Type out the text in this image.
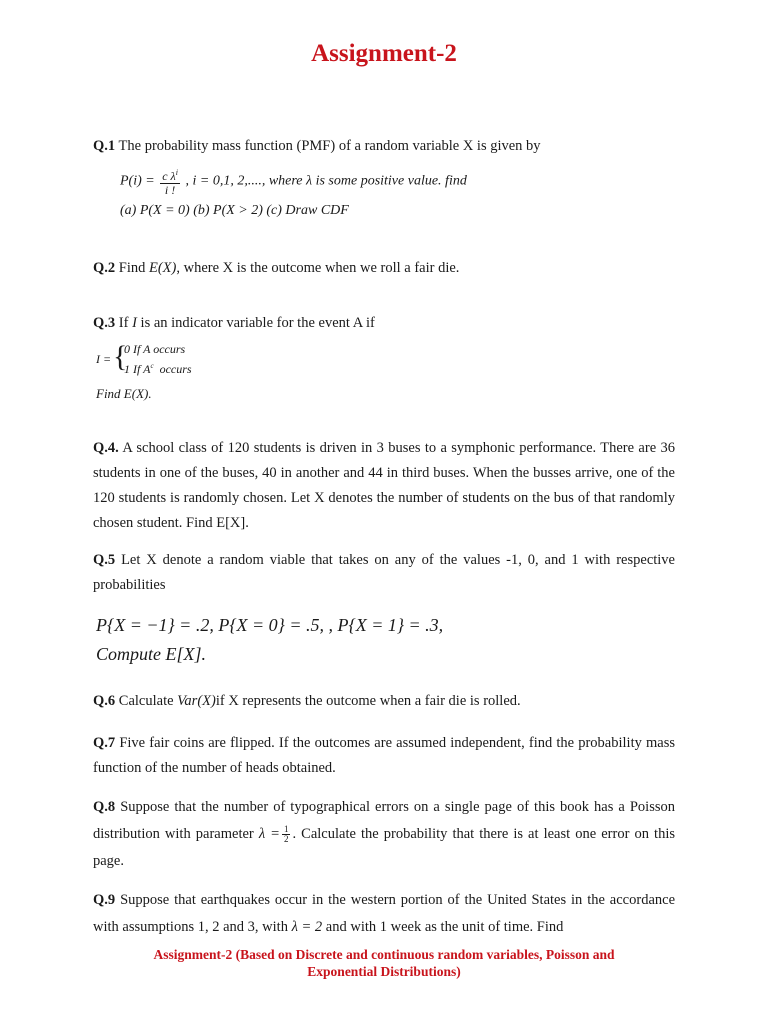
Assignment-2
Q.1 The probability mass function (PMF) of a random variable X is given by
$P(i) = \frac{c \lambda^i}{i !}$ , i = 0,1, 2,...., where λ is some positive value. find
(a) P(X = 0) (b) P(X > 2) (c) Draw CDF
Q.2 Find E(X), where X is the outcome when we roll a fair die.
Q.3 If I is an indicator variable for the event A if
I = {
0 If A occurs
1 If $A^c$ occurs
Find E(X).
Q.4. A school class of 120 students is driven in 3 buses to a symphonic performance. There are 36 students in one of the buses, 40 in another and 44 in third buses. When the busses arrive, one of the 120 students is randomly chosen. Let X denotes the number of students on the bus of that randomly chosen student. Find E[X].
Q.5 Let X denote a random viable that takes on any of the values -1, 0, and 1 with respective probabilities
P{X = −1} = .2, P{X = 0} = .5, , P{X = 1} = .3,
Compute E[X].
Q.6 Calculate Var(X)if X represents the outcome when a fair die is rolled.
Q.7 Five fair coins are flipped. If the outcomes are assumed independent, find the probability mass function of the number of heads obtained.
Q.8 Suppose that the number of typographical errors on a single page of this book has a Poisson distribution with parameter $\lambda = \frac{1}{2}$ . Calculate the probability that there is at least one error on this page.
Q.9 Suppose that earthquakes occur in the western portion of the United States in the accordance with assumptions 1, 2 and 3, with λ = 2 and with 1 week as the unit of time. Find
Assignment-2 (Based on Discrete and continuous random variables, Poisson and
Exponential Distributions)
